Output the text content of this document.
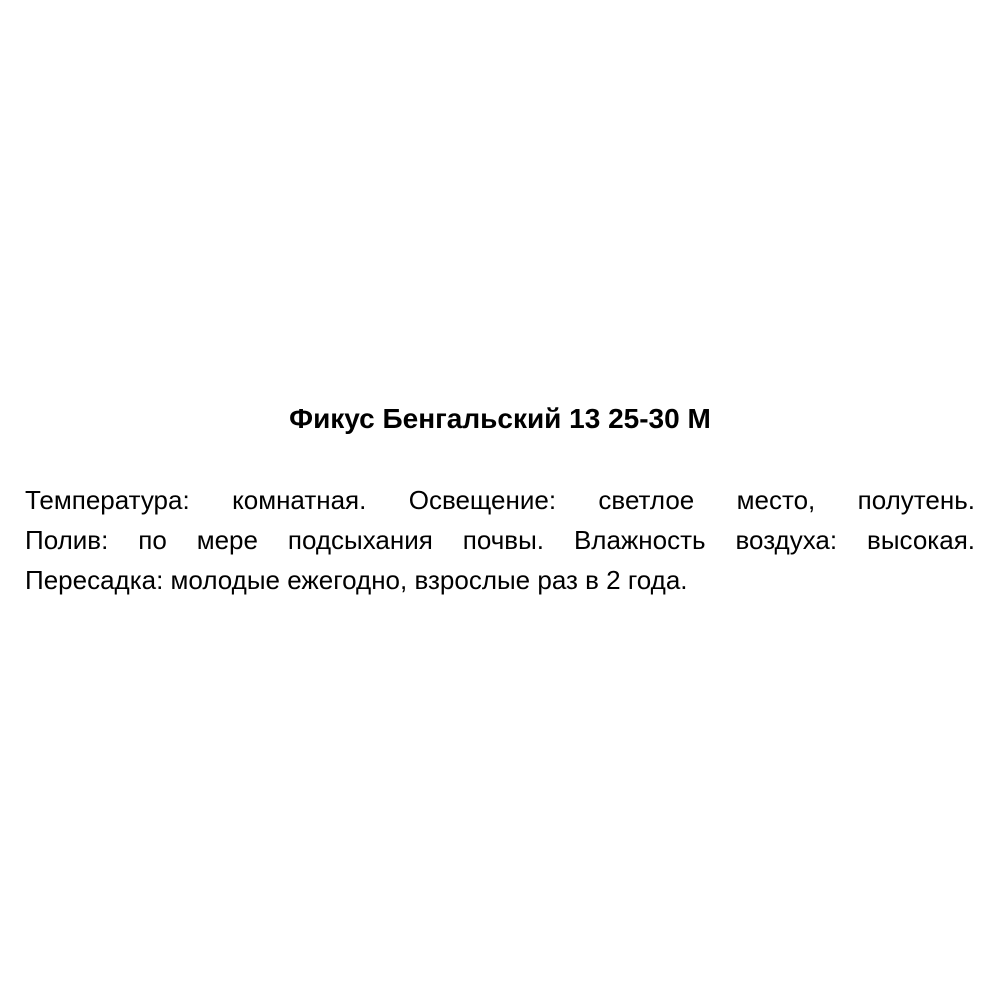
Фикус Бенгальский 13 25-30 М
Температура: комнатная. Освещение: светлое место, полутень.
Полив: по мере подсыхания почвы. Влажность воздуха: высокая.
Пересадка: молодые ежегодно, взрослые раз в 2 года.
